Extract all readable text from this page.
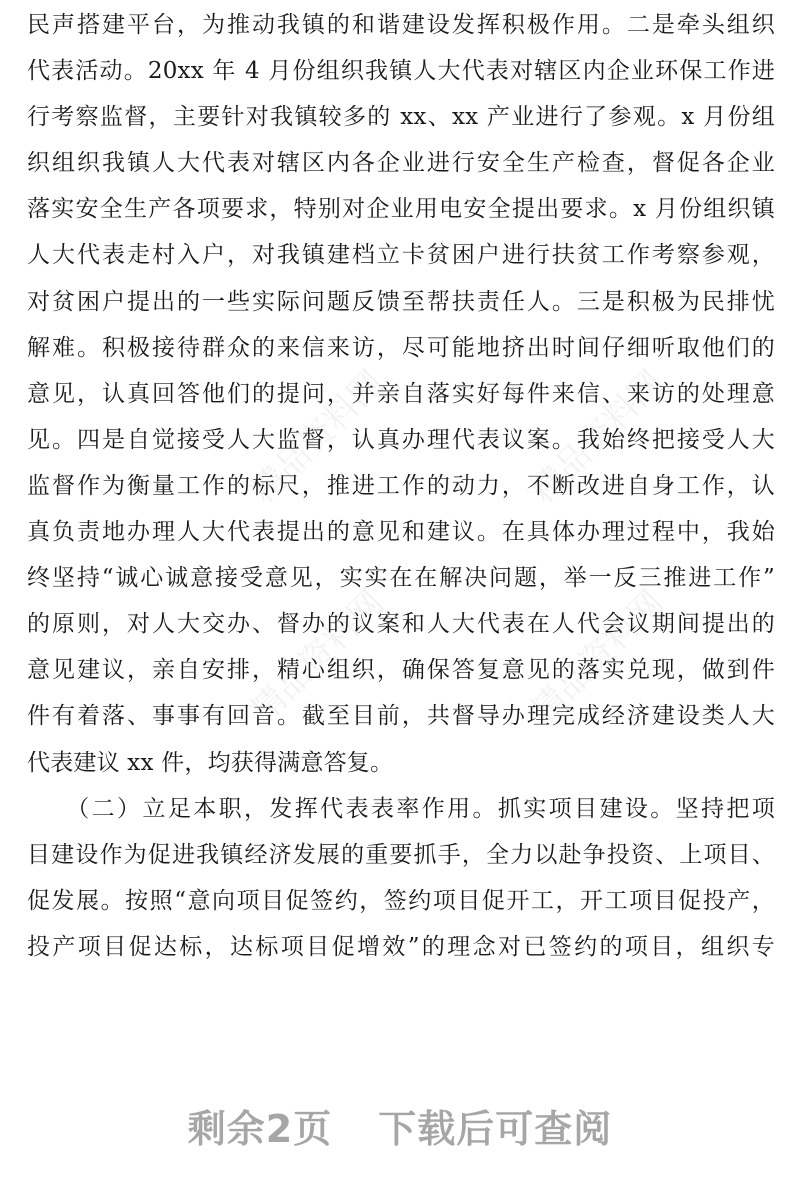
精品资料网	精品资料网
精品资料网	精品资料网
民声搭建平台，为推动我镇的和谐建设发挥积极作用。二是牵头组织
代表活动。20xx 年 4 月份组织我镇人大代表对辖区内企业环保工作进
行考察监督，主要针对我镇较多的 xx、xx 产业进行了参观。x 月份组
织组织我镇人大代表对辖区内各企业进行安全生产检查，督促各企业
落实安全生产各项要求，特别对企业用电安全提出要求。x 月份组织镇
人大代表走村入户，对我镇建档立卡贫困户进行扶贫工作考察参观，
对贫困户提出的一些实际问题反馈至帮扶责任人。三是积极为民排忧
解难。积极接待群众的来信来访，尽可能地挤出时间仔细听取他们的
意见，认真回答他们的提问，并亲自落实好每件来信、来访的处理意
见。四是自觉接受人大监督，认真办理代表议案。我始终把接受人大
监督作为衡量工作的标尺，推进工作的动力，不断改进自身工作，认
真负责地办理人大代表提出的意见和建议。在具体办理过程中，我始
终坚持“诚心诚意接受意见，实实在在解决问题，举一反三推进工作”
的原则，对人大交办、督办的议案和人大代表在人代会议期间提出的
意见建议，亲自安排，精心组织，确保答复意见的落实兑现，做到件
件有着落、事事有回音。截至目前，共督导办理完成经济建设类人大
代表建议 xx 件，均获得满意答复。
　　（二）立足本职，发挥代表表率作用。抓实项目建设。坚持把项
目建设作为促进我镇经济发展的重要抓手，全力以赴争投资、上项目、
促发展。按照“意向项目促签约，签约项目促开工，开工项目促投产，
投产项目促达标，达标项目促增效”的理念对已签约的项目，组织专
剩余2页 下载后可查阅
